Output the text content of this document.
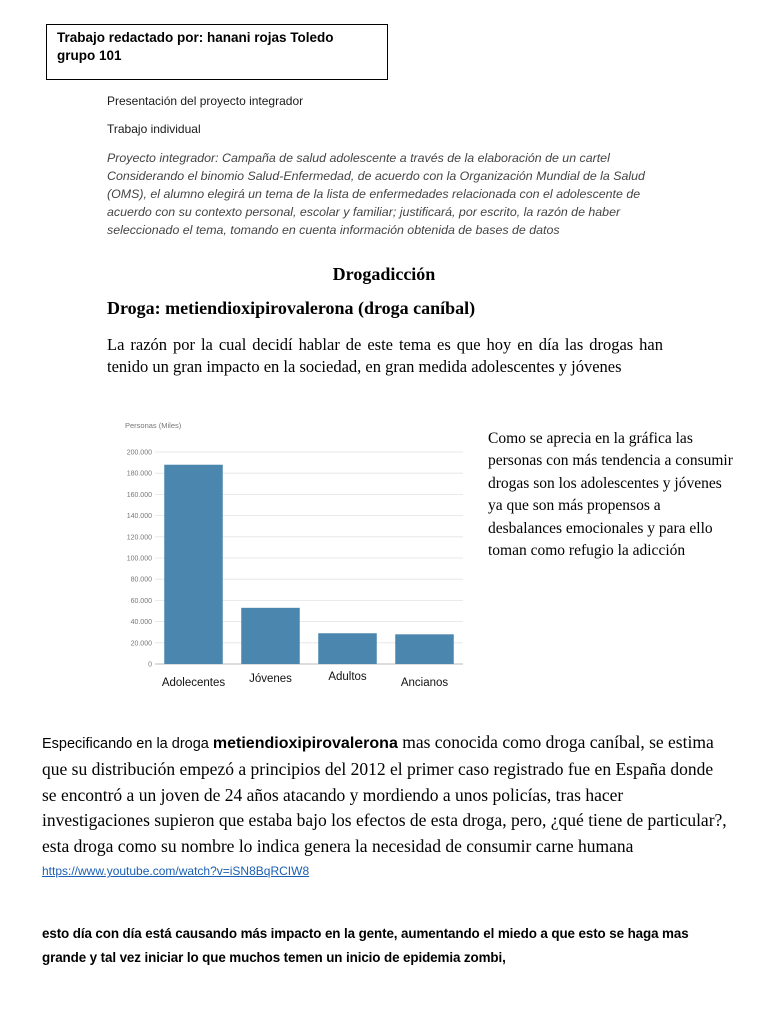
Trabajo redactado por: hanani rojas Toledo
grupo 101
Presentación del proyecto integrador
Trabajo individual
Proyecto integrador: Campaña de salud adolescente a través de la elaboración de un cartel Considerando el binomio Salud-Enfermedad, de acuerdo con la Organización Mundial de la Salud (OMS), el alumno elegirá un tema de la lista de enfermedades relacionada con el adolescente de acuerdo con su contexto personal, escolar y familiar; justificará, por escrito, la razón de haber seleccionado el tema, tomando en cuenta información obtenida de bases de datos
Drogadicción
Droga: metiendioxipirovalerona (droga caníbal)
La razón por la cual decidí hablar de este tema es que hoy en día las drogas han tenido un gran impacto en la sociedad, en gran medida adolescentes y jóvenes
Personas (Miles)
0
20.000
40.000
60.000
80.000
100.000
120.000
140.000
160.000
180.000
200.000
Adolecentes Jóvenes	Adultos	Ancianos
Como se aprecia en la gráfica las personas con más tendencia a consumir drogas son los adolescentes y jóvenes ya que son más propensos a desbalances emocionales y para ello toman como refugio la adicción
Especificando en la droga metiendioxipirovalerona mas conocida como droga caníbal, se estima que su distribución empezó a principios del 2012 el primer caso registrado fue en España donde se encontró a un joven de 24 años atacando y mordiendo a unos policías, tras hacer investigaciones supieron que estaba bajo los efectos de esta droga, pero, ¿qué tiene de particular?, esta droga como su nombre lo indica genera la necesidad de consumir carne humana
https://www.youtube.com/watch?v=iSN8BqRCIW8
esto día con día está causando más impacto en la gente, aumentando el miedo a que esto se haga mas grande y tal vez iniciar lo que muchos temen un inicio de epidemia zombi,
